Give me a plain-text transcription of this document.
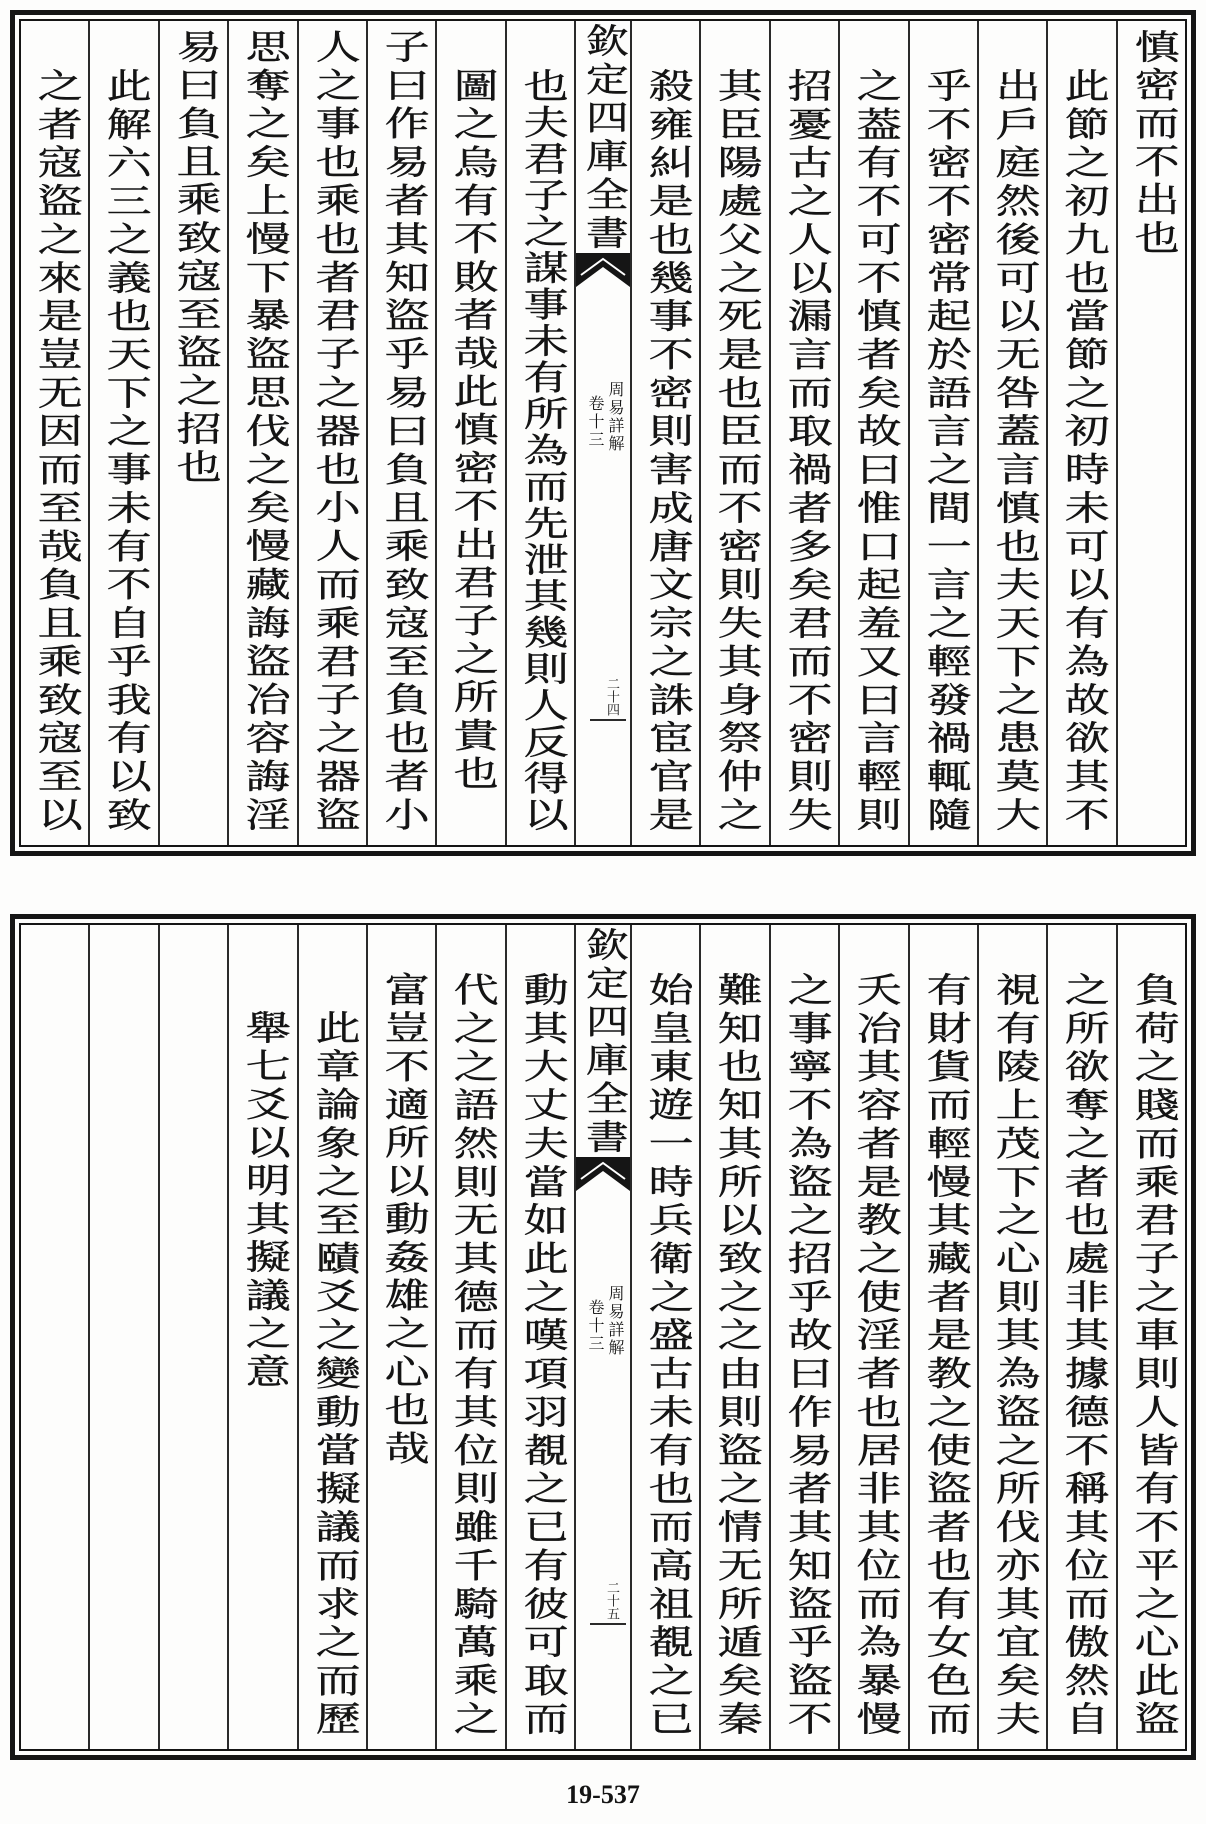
慎密而不出也
此節之初九也當節之初時未可以有為故欲其不
出戶庭然後可以无咎蓋言慎也夫天下之患莫大
乎不密不密常起於語言之間一言之輕發禍輒隨
之葢有不可不慎者矣故曰惟口起羞又曰言輕則
招憂古之人以漏言而取禍者多矣君而不密則失
其臣陽處父之死是也臣而不密則失其身祭仲之
殺雍糾是也幾事不密則害成唐文宗之誅宦官是
欽定四庫全書
周易詳解
卷十三
二十四
也夫君子之謀事未有所為而先泄其幾則人反得以
圖之烏有不敗者哉此慎密不出君子之所貴也
子曰作易者其知盜乎易曰負且乘致寇至負也者小
人之事也乘也者君子之器也小人而乘君子之器盜
思奪之矣上慢下暴盜思伐之矣慢藏誨盜冶容誨淫
易曰負且乘致寇至盜之招也
此解六三之義也天下之事未有不自乎我有以致
之者寇盜之來是豈无因而至哉負且乘致寇至以
負荷之賤而乘君子之車則人皆有不平之心此盜
之所欲奪之者也處非其據德不稱其位而傲然自
視有陵上茂下之心則其為盜之所伐亦其宜矣夫
有財貨而輕慢其藏者是教之使盜者也有女色而
夭冶其容者是教之使淫者也居非其位而為暴慢
之事寧不為盜之招乎故曰作易者其知盜乎盜不
難知也知其所以致之之由則盜之情无所遁矣秦
始皇東遊一時兵衛之盛古未有也而高祖覩之已
欽定四庫全書
周易詳解
卷十三
二十五
動其大丈夫當如此之嘆項羽覩之已有彼可取而
代之之語然則无其德而有其位則雖千騎萬乘之
富豈不適所以動姦雄之心也哉
此章論象之至賾爻之變動當擬議而求之而歷
舉七爻以明其擬議之意
19-537
